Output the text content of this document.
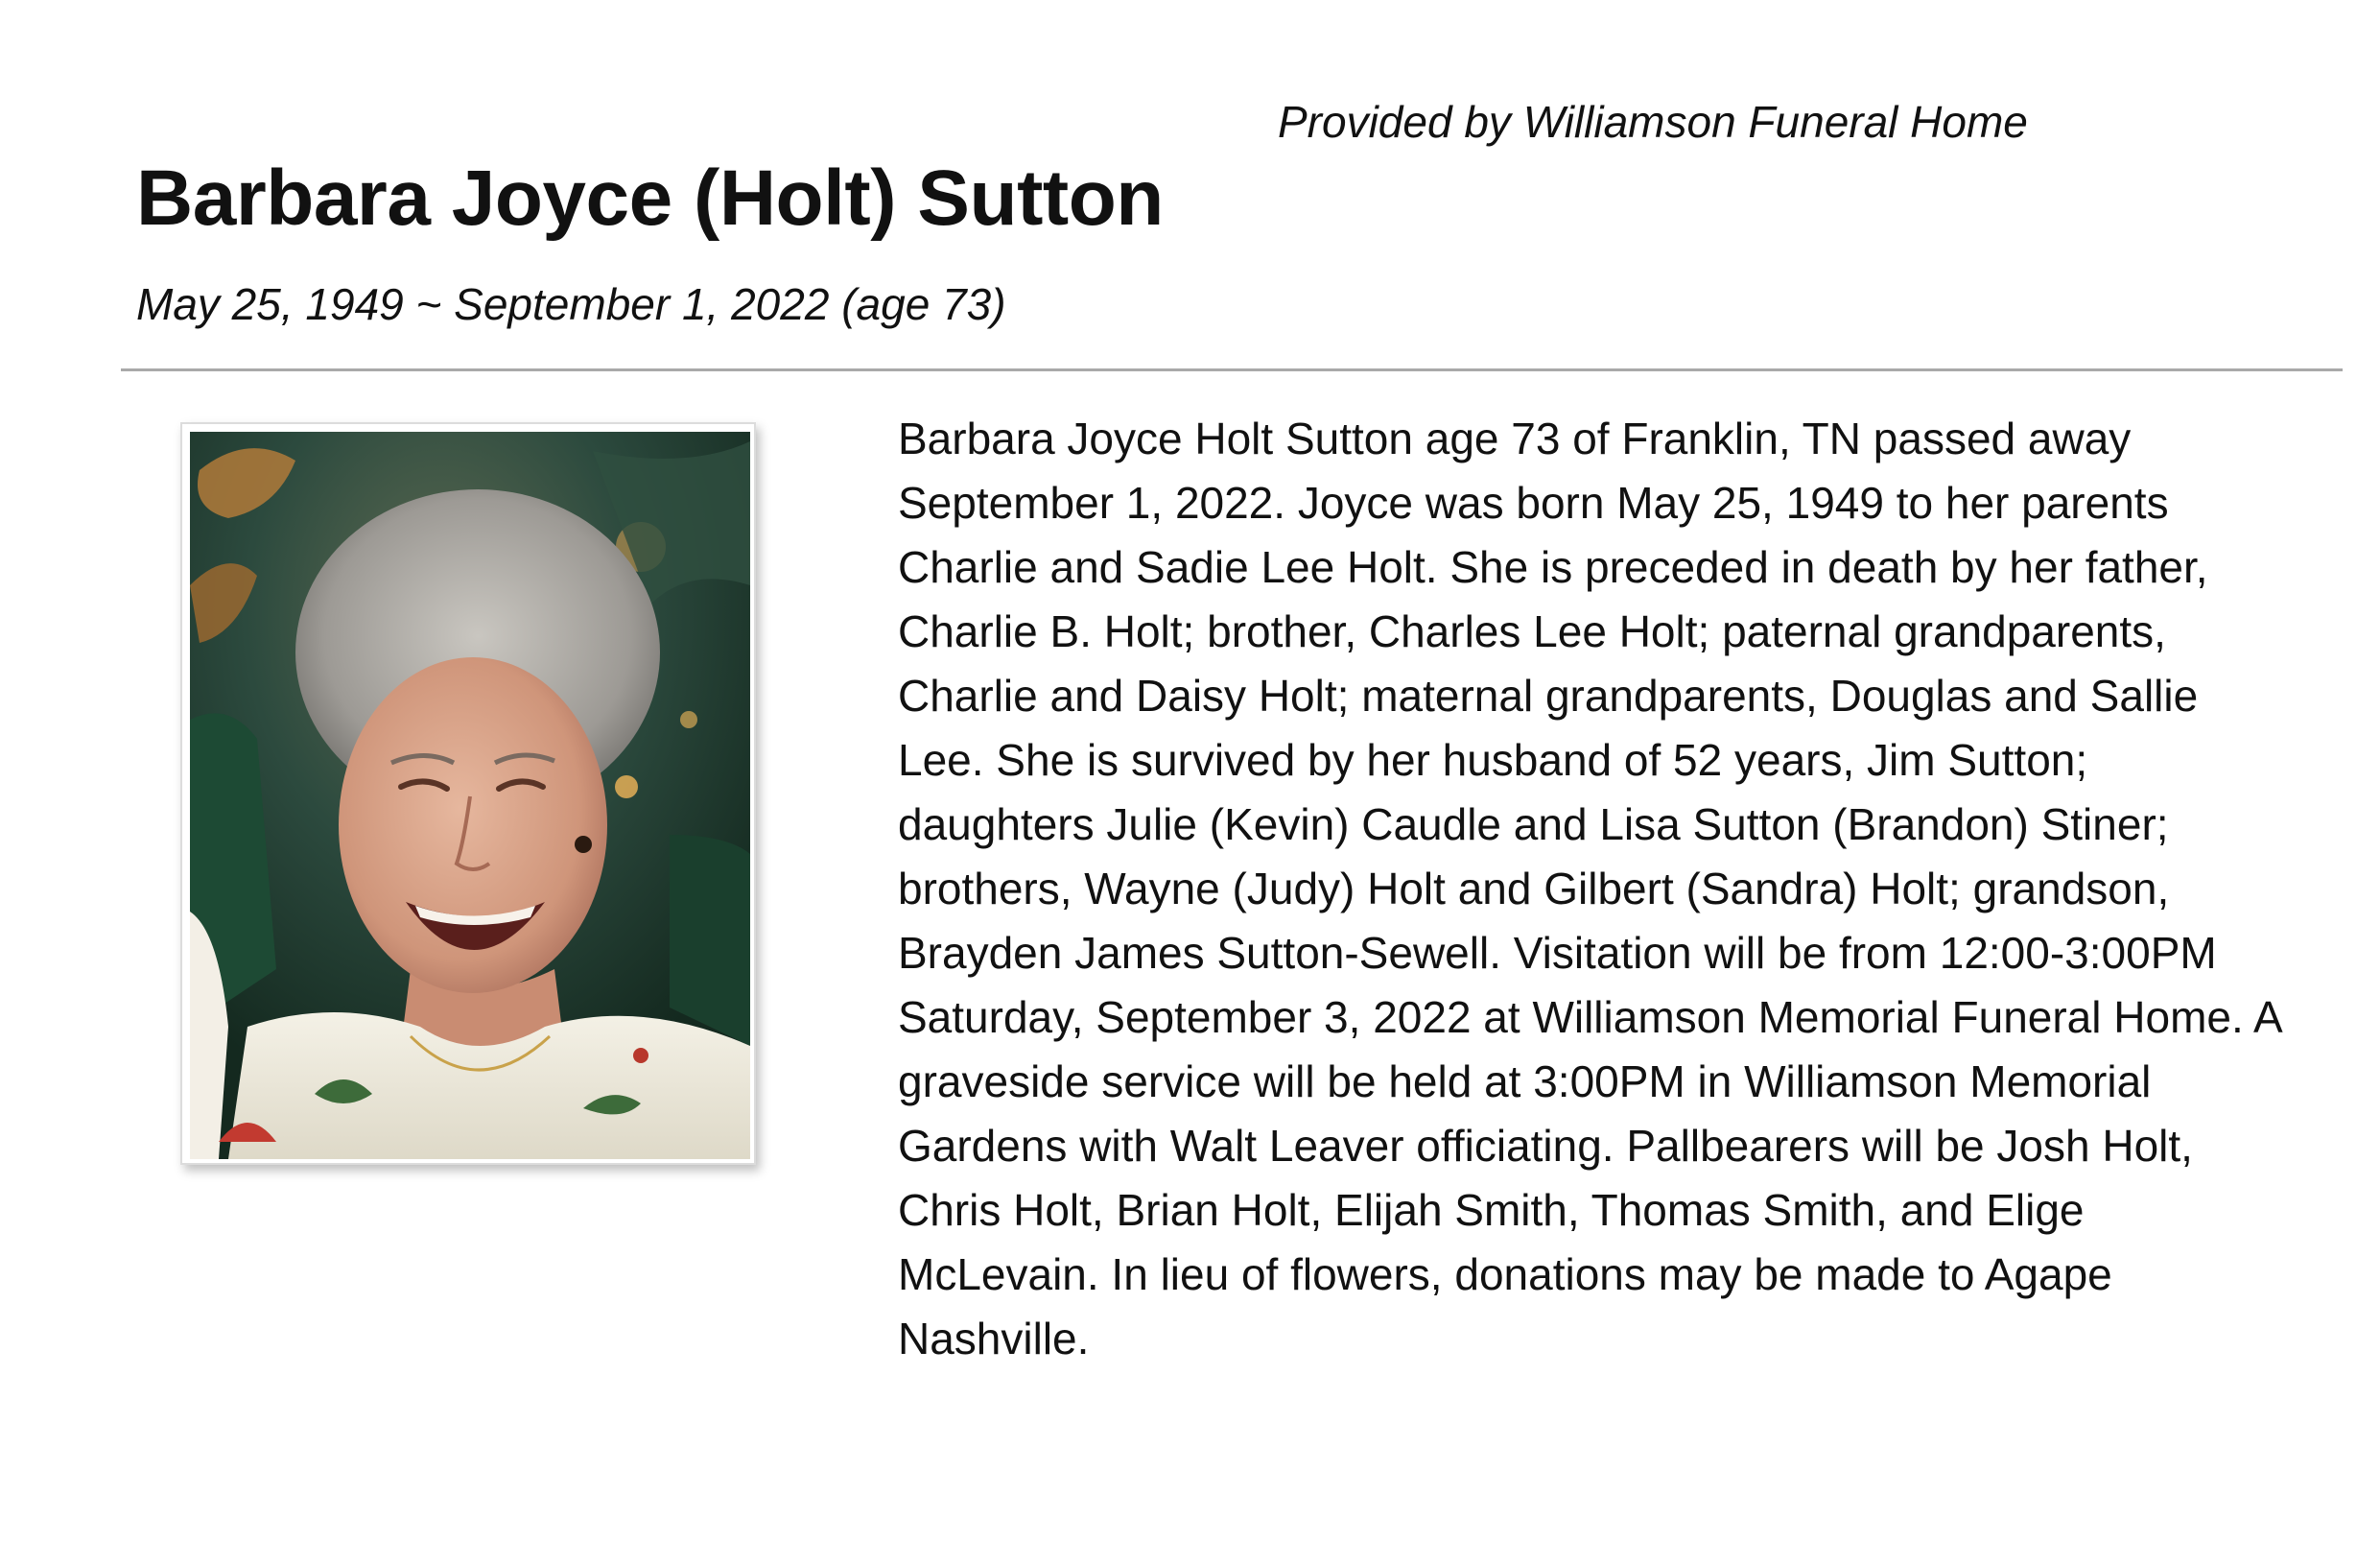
Provided by Williamson Funeral Home
Barbara Joyce (Holt) Sutton
May 25, 1949 ~ September 1, 2022 (age 73)
Barbara Joyce Holt Sutton age 73 of Franklin, TN passed away
September 1, 2022. Joyce was born May 25, 1949 to her parents
Charlie and Sadie Lee Holt. She is preceded in death by her father,
Charlie B. Holt; brother, Charles Lee Holt; paternal grandparents,
Charlie and Daisy Holt; maternal grandparents, Douglas and Sallie
Lee. She is survived by her husband of 52 years, Jim Sutton;
daughters Julie (Kevin) Caudle and Lisa Sutton (Brandon) Stiner;
brothers, Wayne (Judy) Holt and Gilbert (Sandra) Holt; grandson,
Brayden James Sutton-Sewell. Visitation will be from 12:00-3:00PM
Saturday, September 3, 2022 at Williamson Memorial Funeral Home. A
graveside service will be held at 3:00PM in Williamson Memorial
Gardens with Walt Leaver officiating. Pallbearers will be Josh Holt,
Chris Holt, Brian Holt, Elijah Smith, Thomas Smith, and Elige
McLevain. In lieu of flowers, donations may be made to Agape
Nashville.
